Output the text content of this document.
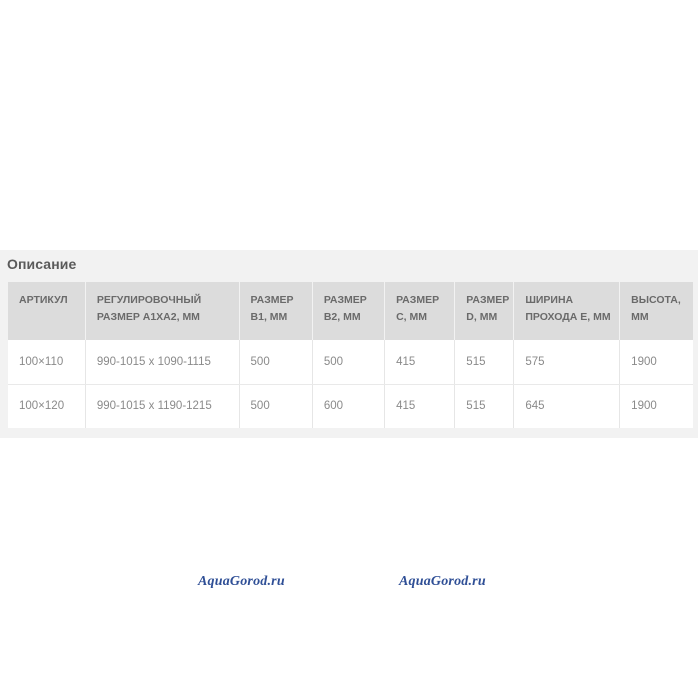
Описание
АРТИКУЛ	РЕГУЛИРОВОЧНЫЙ РАЗМЕР A1XA2, ММ	РАЗМЕР B1, ММ	РАЗМЕР B2, ММ	РАЗМЕР C, ММ	РАЗМЕР D, ММ	ШИРИНА ПРОХОДА E, ММ	ВЫСОТА, ММ
100×110	990-1015 x 1090-1115	500	500	415	515	575	1900
100×120	990-1015 x 1190-1215	500	600	415	515	645	1900
AquaGorod.ru	AquaGorod.ru
